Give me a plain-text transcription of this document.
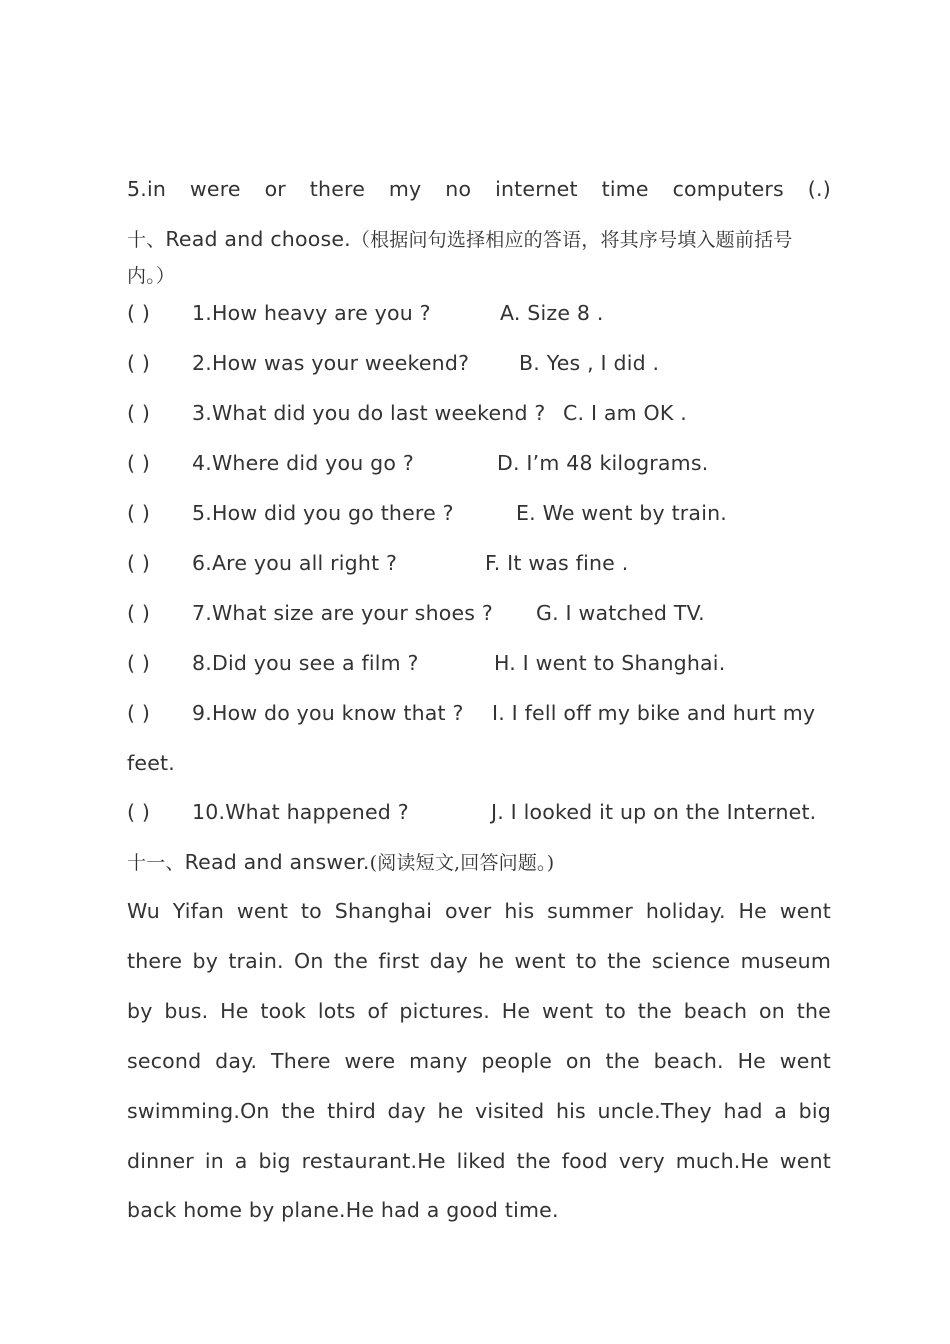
5.in were or there my no internet time computers (.)
十、Read and choose.（根据问句选择相应的答语，将其序号填入题前括号
内。）
( ) 1.How heavy are you ?	A. Size 8 .
( ) 2.How was your weekend? B. Yes , I did .
( ) 3.What did you do last weekend ? C. I am OK .
( ) 4.Where did you go ?	D. I’m 48 kilograms.
( ) 5.How did you go there ?	E. We went by train.
( ) 6.Are you all right ?	F. It was fine .
( ) 7.What size are your shoes ? G. I watched TV.
( ) 8.Did you see a film ?	H. I went to Shanghai.
( ) 9.How do you know that ? I. I fell off my bike and hurt my
feet.
( ) 10.What happened ?	J. I looked it up on the Internet.
十一、Read and answer.(阅读短文,回答问题。)
Wu Yifan went to Shanghai over his summer holiday. He went
there by train. On the first day he went to the science museum
by bus. He took lots of pictures. He went to the beach on the
second day. There were many people on the beach. He went
swimming.On the third day he visited his uncle.They had a big
dinner in a big restaurant.He liked the food very much.He went
back home by plane.He had a good time.
